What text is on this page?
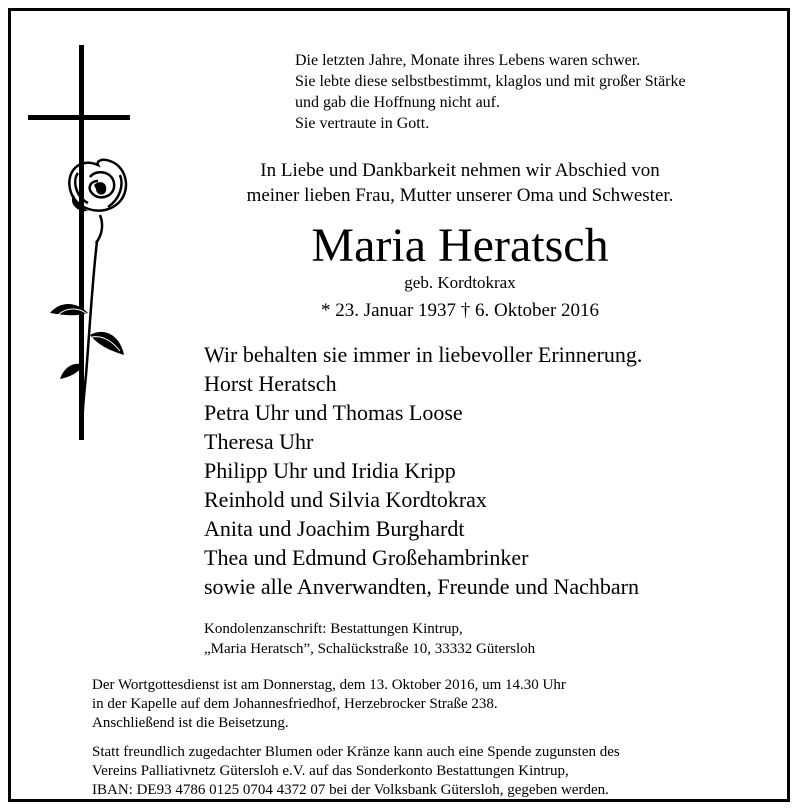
Die letzten Jahre, Monate ihres Lebens waren schwer.
Sie lebte diese selbstbestimmt, klaglos und mit großer Stärke
und gab die Hoffnung nicht auf.
Sie vertraute in Gott.
In Liebe und Dankbarkeit nehmen wir Abschied von
meiner lieben Frau, Mutter unserer Oma und Schwester.
Maria Heratsch
geb. Kordtokrax
* 23. Januar 1937 † 6. Oktober 2016
Wir behalten sie immer in liebevoller Erinnerung.
Horst Heratsch
Petra Uhr und Thomas Loose
Theresa Uhr
Philipp Uhr und Iridia Kripp
Reinhold und Silvia Kordtokrax
Anita und Joachim Burghardt
Thea und Edmund Großehambrinker
sowie alle Anverwandten, Freunde und Nachbarn
Kondolenzanschrift: Bestattungen Kintrup,
„Maria Heratsch”, Schalückstraße 10, 33332 Gütersloh
Der Wortgottesdienst ist am Donnerstag, dem 13. Oktober 2016, um 14.30 Uhr
in der Kapelle auf dem Johannesfriedhof, Herzebrocker Straße 238.
Anschließend ist die Beisetzung.
Statt freundlich zugedachter Blumen oder Kränze kann auch eine Spende zugunsten des
Vereins Palliativnetz Gütersloh e.V. auf das Sonderkonto Bestattungen Kintrup,
IBAN: DE93 4786 0125 0704 4372 07 bei der Volksbank Gütersloh, gegeben werden.
